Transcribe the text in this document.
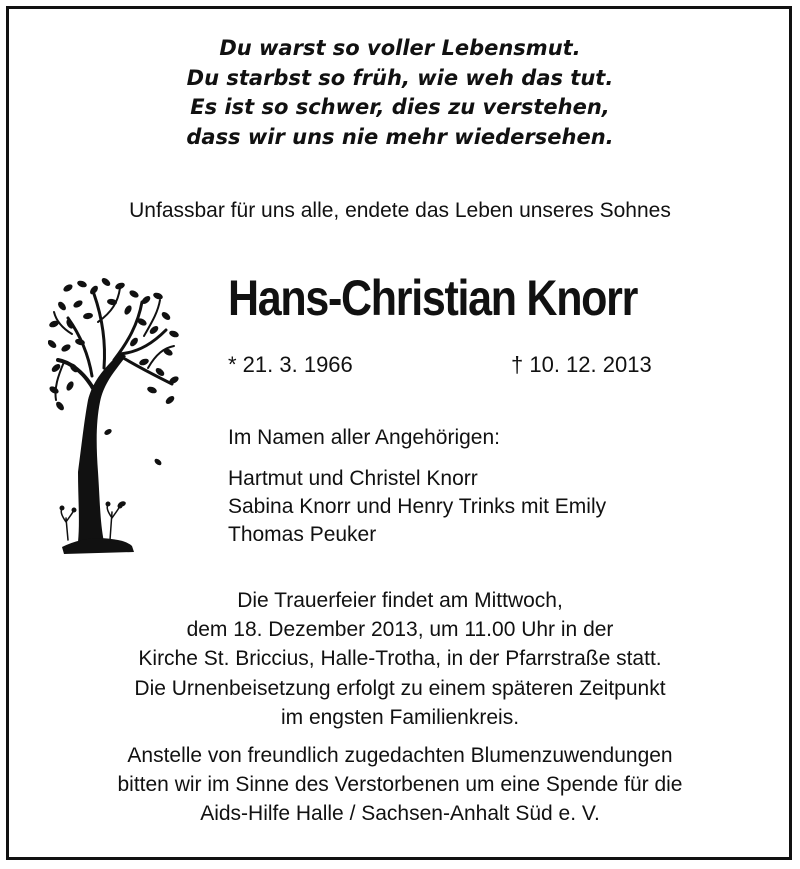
Du warst so voller Lebensmut.
Du starbst so früh, wie weh das tut.
Es ist so schwer, dies zu verstehen,
dass wir uns nie mehr wiedersehen.
Unfassbar für uns alle, endete das Leben unseres Sohnes
Hans-Christian Knorr
* 21. 3. 1966	† 10. 12. 2013
Im Namen aller Angehörigen:
Hartmut und Christel Knorr
Sabina Knorr und Henry Trinks mit Emily
Thomas Peuker
Die Trauerfeier findet am Mittwoch,
dem 18. Dezember 2013, um 11.00 Uhr in der
Kirche St. Briccius, Halle-Trotha, in der Pfarrstraße statt.
Die Urnenbeisetzung erfolgt zu einem späteren Zeitpunkt
im engsten Familienkreis.
Anstelle von freundlich zugedachten Blumenzuwendungen
bitten wir im Sinne des Verstorbenen um eine Spende für die
Aids-Hilfe Halle / Sachsen-Anhalt Süd e. V.
